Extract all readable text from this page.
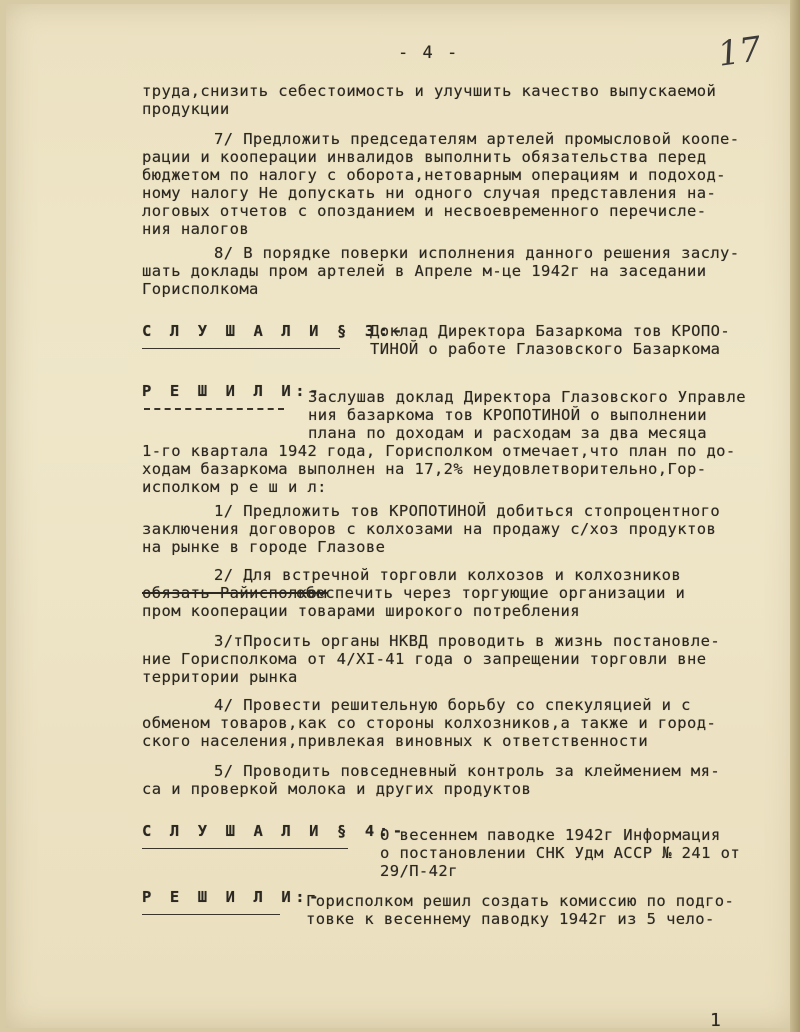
- 4 -	17
труда,снизить себестоимость и улучшить качество выпускаемой
продукции
7/ Предложить председателям артелей промысловой коопе-
рации и кооперации инвалидов выполнить обязательства перед
бюджетом по налогу с оборота,нетоварным операциям и подоход-
ному налогу Не допускать ни одного случая представления на-
логовых отчетов с опозданием и несвоевременного перечисле-
ния налогов
8/ В порядке поверки исполнения данного решения заслу-
шать доклады пром артелей в Апреле м-це 1942г на заседании
Горисполкома
С Л У Ш А Л И § 3:-
Доклад Директора Базаркома тов КРОПО-
ТИНОЙ о работе Глазовского Базаркома
Р Е Ш И Л И:-
Заслушав доклад Директора Глазовского Управле
ния базаркома тов КРОПОТИНОЙ о выполнении
плана по доходам и расходам за два месяца
1-го квартала 1942 года, Горисполком отмечает,что план по до-
ходам базаркома выполнен на 17,2% неудовлетворительно,Гор-
исполком р е ш и л:
1/ Предложить тов КРОПОТИНОЙ добиться стопроцентного
заключения договоров с колхозами на продажу с/хоз продуктов
на рынке в городе Глазове
2/ Для встречной торговли колхозов и колхозников
обязать Райисполком
обеспечить через торгующие организации и
пром кооперации товарами широкого потребления
3/тПросить органы НКВД проводить в жизнь постановле-
ние Горисполкома от 4/XI-41 года о запрещении торговли вне
территории рынка
4/ Провести решительную борьбу со спекуляцией и с
обменом товаров,как со стороны колхозников,а также и город-
ского населения,привлекая виновных к ответственности
5/ Проводить повседневный контроль за клеймением мя-
са и проверкой молока и других продуктов
С Л У Ш А Л И § 4:-
О весеннем паводке 1942г Информация
о постановлении СНК Удм АССР № 241 от
29/П-42г
Р Е Ш И Л И:-
Горисполком решил создать комиссию по подго-
товке к весеннему паводку 1942г из 5 чело-
1
